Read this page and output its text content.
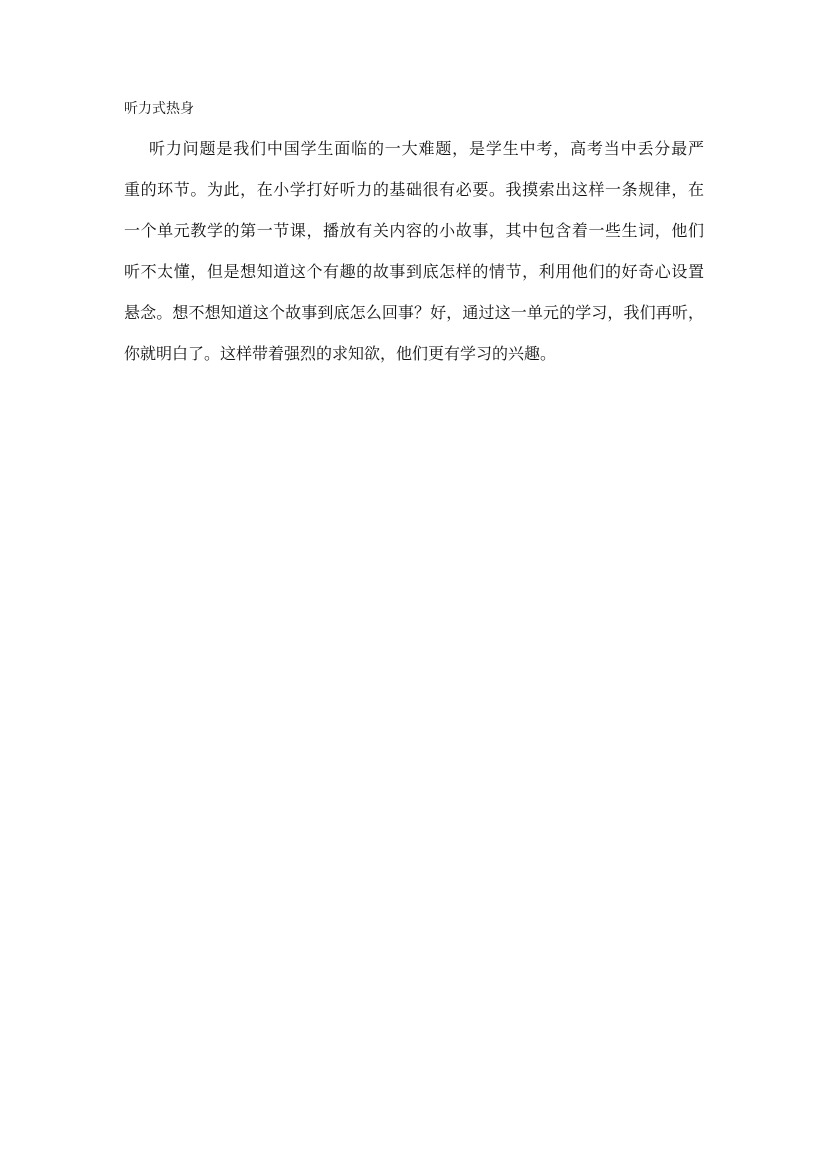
听力式热身
听力问题是我们中国学生面临的一大难题，是学生中考，高考当中丢分最严
重的环节。为此，在小学打好听力的基础很有必要。我摸索出这样一条规律，在
一个单元教学的第一节课，播放有关内容的小故事，其中包含着一些生词，他们
听不太懂，但是想知道这个有趣的故事到底怎样的情节，利用他们的好奇心设置
悬念。想不想知道这个故事到底怎么回事？好，通过这一单元的学习，我们再听，
你就明白了。这样带着强烈的求知欲，他们更有学习的兴趣。
